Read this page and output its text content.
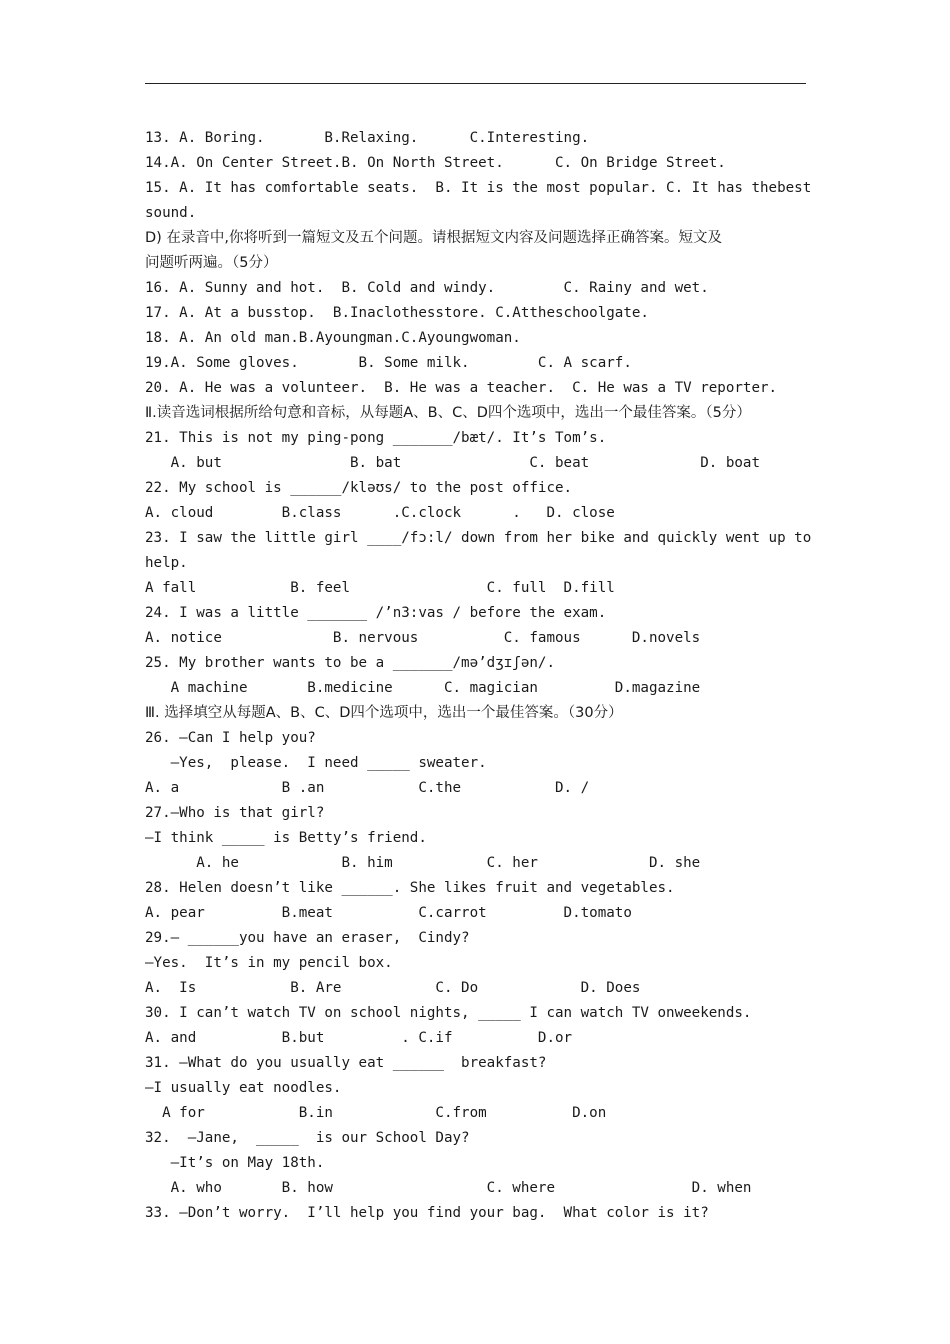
13. A. Boring.       B.Relaxing.      C.Interesting.
14.A. On Center Street.B. On North Street.      C. On Bridge Street.
15. A. It has comfortable seats.  B. It is the most popular. C. It has thebest
sound.
D) 在录音中,你将听到一篇短文及五个问题。请根据短文内容及问题选择正确答案。短文及
问题听两遍。（5分）
16. A. Sunny and hot.  B. Cold and windy.        C. Rainy and wet.
17. A. At a busstop.  B.Inaclothesstore. C.Attheschoolgate.
18. A. An old man.B.Ayoungman.C.Ayoungwoman.
19.A. Some gloves.       B. Some milk.        C. A scarf.
20. A. He was a volunteer.  B. He was a teacher.  C. He was a TV reporter.
Ⅱ.读音选词根据所给句意和音标，从每题A、B、C、D四个选项中，选出一个最佳答案。（5分）
21. This is not my ping-pong _______/bæt/. It’s Tom’s.
A. but               B. bat               C. beat             D. boat
22. My school is ______/kləʊs/ to the post office.
A. cloud        B.class      .C.clock      .   D. close
23. I saw the little girl ____/fɔ:l/ down from her bike and quickly went up to
help.
A fall           B. feel                C. full  D.fill
24. I was a little _______ /’n3:vas / before the exam.
A. notice             B. nervous          C. famous      D.novels
25. My brother wants to be a _______/mə’dʒɪʃən/.
A machine       B.medicine      C. magician         D.magazine
Ⅲ. 选择填空从每题A、B、C、D四个选项中，选出一个最佳答案。（30分）
26. —Can I help you?
—Yes,  please.  I need _____ sweater.
A. a            B .an           C.the           D. /
27.—Who is that girl?
—I think _____ is Betty’s friend.
A. he            B. him           C. her             D. she
28. Helen doesn’t like ______. She likes fruit and vegetables.
A. pear         B.meat          C.carrot         D.tomato
29.— ______you have an eraser,  Cindy?
—Yes.  It’s in my pencil box.
A.  Is           B. Are           C. Do            D. Does
30. I can’t watch TV on school nights, _____ I can watch TV onweekends.
A. and          B.but         . C.if          D.or
31. —What do you usually eat ______  breakfast?
—I usually eat noodles.
A for           B.in            C.from          D.on
32.  —Jane,  _____  is our School Day?
—It’s on May 18th.
A. who       B. how                  C. where                D. when
33. —Don’t worry.  I’ll help you find your bag.  What color is it?
